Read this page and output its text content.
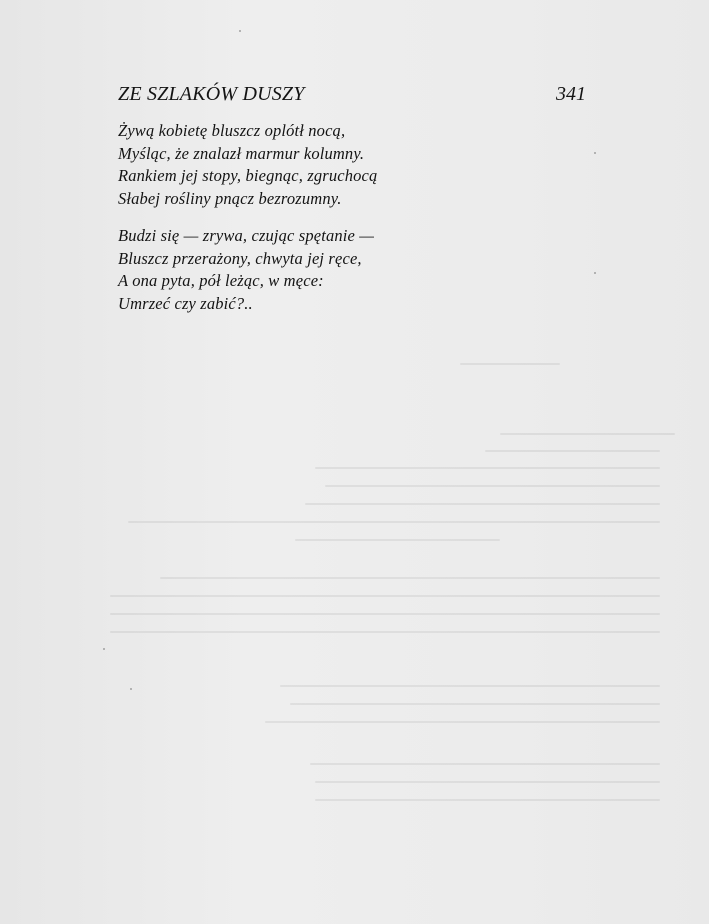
ZE SZLAKÓW DUSZY	341
Żywą kobietę bluszcz oplótł nocą,
Myśląc, że znalazł marmur kolumny.
Rankiem jej stopy, biegnąc, zgruchocą
Słabej rośliny pnącz bezrozumny.
Budzi się — zrywa, czując spętanie —
Bluszcz przerażony, chwyta jej ręce,
A ona pyta, pół leżąc, w męce:
Umrzeć czy zabić?..
